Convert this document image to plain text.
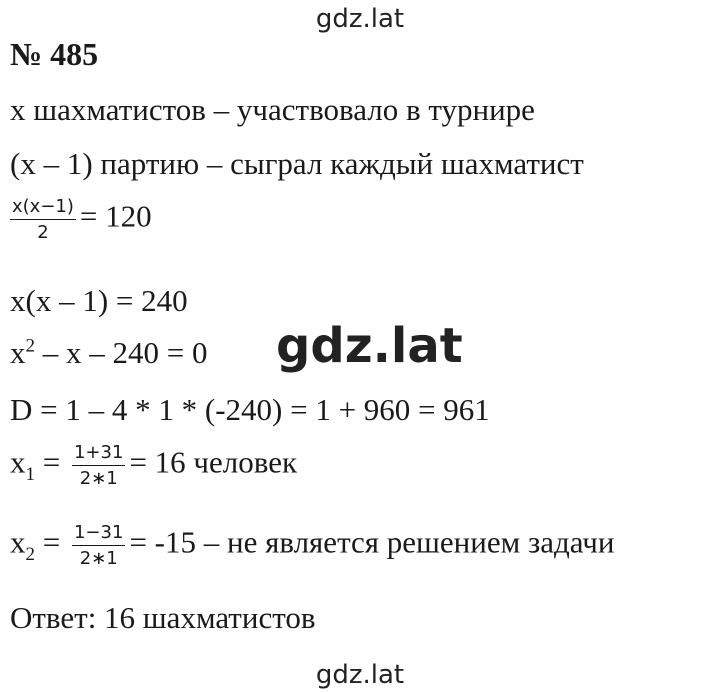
gdz.lat
№ 485
x шахматистов – участвовало в турнире
(x – 1) партию – сыграл каждый шахматист
$\frac{x(x-1)}{2} = 120$
x(x – 1) = 240
$x^2 - x - 240 = 0$ gdz.lat
D = 1 – 4 * 1 * (-240) = 1 + 960 = 961
$x_1 = \frac{1+31}{2∗1} = 16$ человек
$x_2 = \frac{1-31}{2∗1} = -15$ – не является решением задачи
Ответ: 16 шахматистов
gdz.lat
